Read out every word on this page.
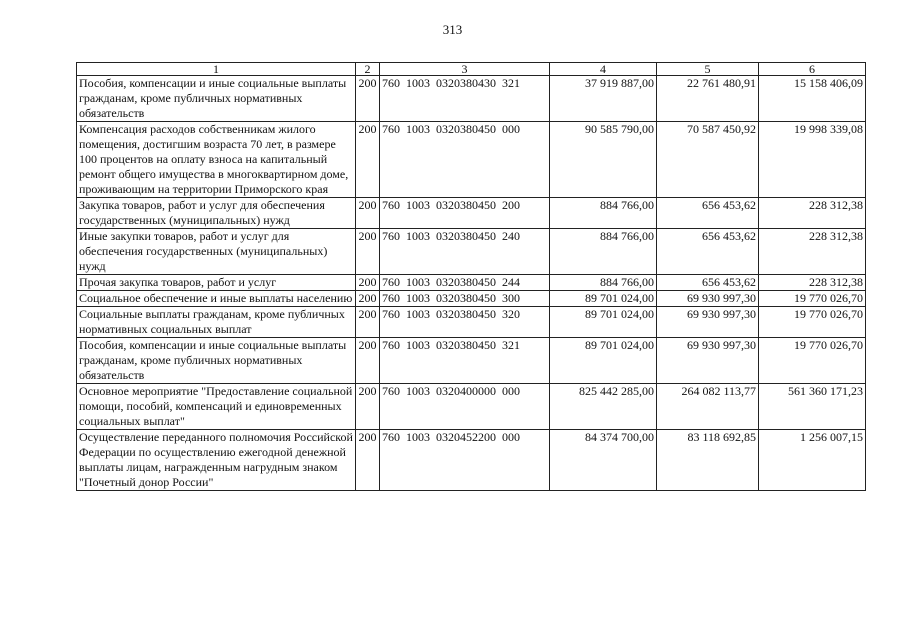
313
1	2	3	4	5	6
Пособия, компенсации и иные социальные выплаты гражданам, кроме публичных нормативных обязательств	200	760  1003  0320380430  321	37 919 887,00	22 761 480,91	15 158 406,09
Компенсация расходов собственникам жилого помещения, достигшим возраста 70 лет, в размере 100 процентов на оплату взноса на капитальный ремонт общего имущества в многоквартирном доме, проживающим на территории Приморского края	200	760  1003  0320380450  000	90 585 790,00	70 587 450,92	19 998 339,08
Закупка товаров, работ и услуг для обеспечения государственных (муниципальных) нужд	200	760  1003  0320380450  200	884 766,00	656 453,62	228 312,38
Иные закупки товаров, работ и услуг для обеспечения государственных (муниципальных) нужд	200	760  1003  0320380450  240	884 766,00	656 453,62	228 312,38
Прочая закупка товаров, работ и услуг	200	760  1003  0320380450  244	884 766,00	656 453,62	228 312,38
Социальное обеспечение и иные выплаты населению	200	760  1003  0320380450  300	89 701 024,00	69 930 997,30	19 770 026,70
Социальные выплаты гражданам, кроме публичных нормативных социальных выплат	200	760  1003  0320380450  320	89 701 024,00	69 930 997,30	19 770 026,70
Пособия, компенсации и иные социальные выплаты гражданам, кроме публичных нормативных обязательств	200	760  1003  0320380450  321	89 701 024,00	69 930 997,30	19 770 026,70
Основное мероприятие "Предоставление социальной помощи, пособий, компенсаций и единовременных социальных выплат"	200	760  1003  0320400000  000	825 442 285,00	264 082 113,77	561 360 171,23
Осуществление переданного полномочия Российской Федерации по осуществлению ежегодной денежной выплаты лицам, награжденным нагрудным знаком "Почетный донор России"	200	760  1003  0320452200  000	84 374 700,00	83 118 692,85	1 256 007,15
